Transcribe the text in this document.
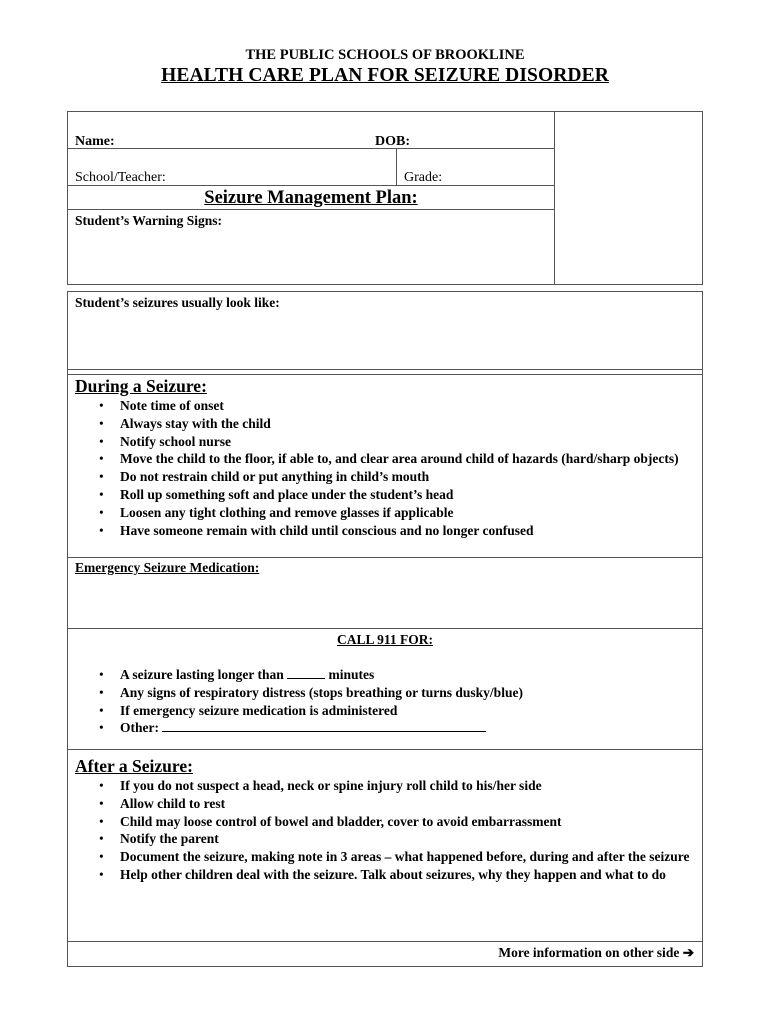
THE PUBLIC SCHOOLS OF BROOKLINE
HEALTH CARE PLAN FOR SEIZURE DISORDER
Name:	DOB:
School/Teacher:	Grade:
Seizure Management Plan:
Student’s Warning Signs:
Student’s seizures usually look like:
During a Seizure:
• Note time of onset
• Always stay with the child
• Notify school nurse
• Move the child to the floor, if able to, and clear area around child of hazards (hard/sharp objects)
• Do not restrain child or put anything in child’s mouth
• Roll up something soft and place under the student’s head
• Loosen any tight clothing and remove glasses if applicable
• Have someone remain with child until conscious and no longer confused
Emergency Seizure Medication:
CALL 911 FOR:
• A seizure lasting longer than	minutes
• Any signs of respiratory distress (stops breathing or turns dusky/blue)
• If emergency seizure medication is administered
• Other:
After a Seizure:
• If you do not suspect a head, neck or spine injury roll child to his/her side
• Allow child to rest
• Child may loose control of bowel and bladder, cover to avoid embarrassment
• Notify the parent
• Document the seizure, making note in 3 areas – what happened before, during and after the seizure
• Help other children deal with the seizure. Talk about seizures, why they happen and what to do
More information on other side ➔
